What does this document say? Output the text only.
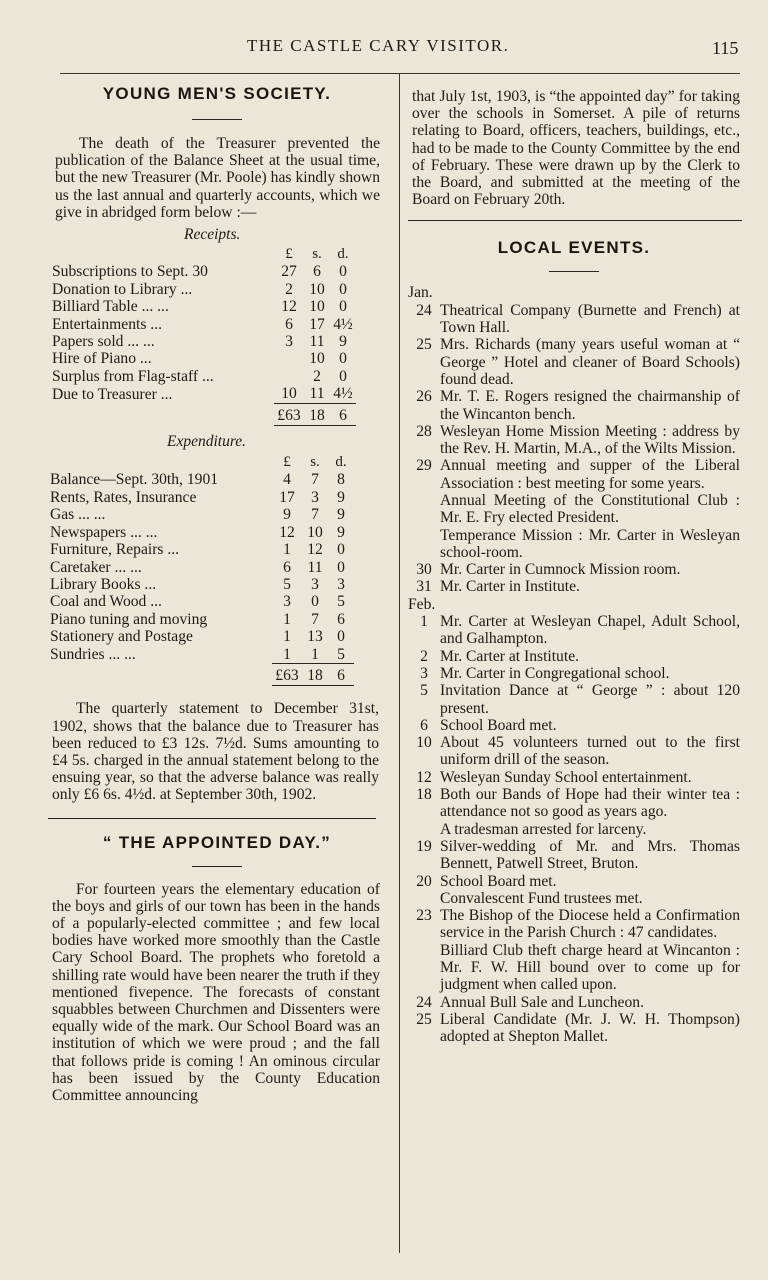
THE CASTLE CARY VISITOR.	115
YOUNG MEN'S SOCIETY.

The death of the Treasurer prevented the publication of the Balance Sheet at the usual time, but the new Treasurer (Mr. Poole) has kindly shown us the last annual and quarterly accounts, which we give in abridged form below :—

Receipts.
	£	s.	d.
Subscriptions to Sept. 30	27	6	0
Donation to Library ...	2	10	0
Billiard Table ... ...	12	10	0
Entertainments ...	6	17	4½
Papers sold ... ...	3	11	9
Hire of Piano ...		10	0
Surplus from Flag-staff ...		2	0
Due to Treasurer ...	10	11	4½
	£63	18	6
Expenditure.
	£	s.	d.
Balance—Sept. 30th, 1901	4	7	8
Rents, Rates, Insurance	17	3	9
Gas ... ...	9	7	9
Newspapers ... ...	12	10	9
Furniture, Repairs ...	1	12	0
Caretaker ... ...	6	11	0
Library Books ...	5	3	3
Coal and Wood ...	3	0	5
Piano tuning and moving	1	7	6
Stationery and Postage	1	13	0
Sundries ... ...	1	1	5
	£63	18	6

The quarterly statement to December 31st, 1902, shows that the balance due to Treasurer has been reduced to £3 12s. 7½d. Sums amounting to £4 5s. charged in the annual statement belong to the ensuing year, so that the adverse balance was really only £6 6s. 4½d. at September 30th, 1902.

“ THE APPOINTED DAY.”

For fourteen years the elementary education of the boys and girls of our town has been in the hands of a popularly-elected committee ; and few local bodies have worked more smoothly than the Castle Cary School Board. The prophets who foretold a shilling rate would have been nearer the truth if they mentioned fivepence. The forecasts of constant squabbles between Churchmen and Dissenters were equally wide of the mark. Our School Board was an institution of which we were proud ; and the fall that follows pride is coming ! An ominous circular has been issued by the County Education Committee announcing

that July 1st, 1903, is “the appointed day” for taking over the schools in Somerset. A pile of returns relating to Board, officers, teachers, buildings, etc., had to be made to the County Committee by the end of February. These were drawn up by the Clerk to the Board, and submitted at the meeting of the Board on February 20th.

LOCAL EVENTS.
Jan.
24 Theatrical Company (Burnette and French) at Town Hall.
25 Mrs. Richards (many years useful woman at “ George ” Hotel and cleaner of Board Schools) found dead.
26 Mr. T. E. Rogers resigned the chairmanship of the Wincanton bench.
28 Wesleyan Home Mission Meeting : address by the Rev. H. Martin, M.A., of the Wilts Mission.
29 Annual meeting and supper of the Liberal Association : best meeting for some years.
Annual Meeting of the Constitutional Club : Mr. E. Fry elected President.
Temperance Mission : Mr. Carter in Wesleyan school-room.
30 Mr. Carter in Cumnock Mission room.
31 Mr. Carter in Institute.
Feb.
1 Mr. Carter at Wesleyan Chapel, Adult School, and Galhampton.
2 Mr. Carter at Institute.
3 Mr. Carter in Congregational school.
5 Invitation Dance at “ George ” : about 120 present.
6 School Board met.
10 About 45 volunteers turned out to the first uniform drill of the season.
12 Wesleyan Sunday School entertainment.
18 Both our Bands of Hope had their winter tea : attendance not so good as years ago.
A tradesman arrested for larceny.
19 Silver-wedding of Mr. and Mrs. Thomas Bennett, Patwell Street, Bruton.
20 School Board met.
Convalescent Fund trustees met.
23 The Bishop of the Diocese held a Confirmation service in the Parish Church : 47 candidates.
Billiard Club theft charge heard at Wincanton : Mr. F. W. Hill bound over to come up for judgment when called upon.
24 Annual Bull Sale and Luncheon.
25 Liberal Candidate (Mr. J. W. H. Thompson) adopted at Shepton Mallet.
